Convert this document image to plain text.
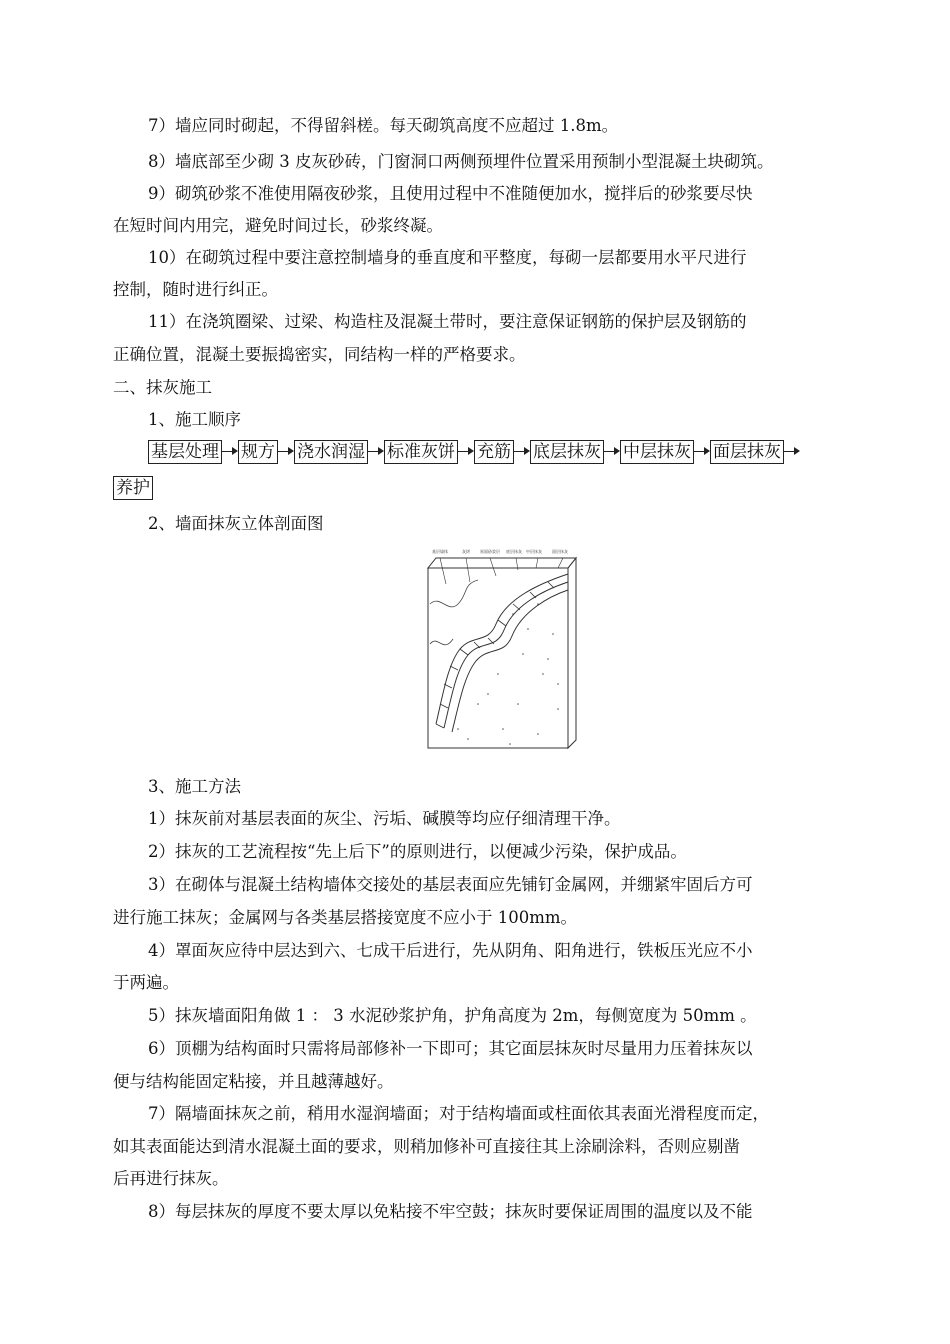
7）墙应同时砌起，不得留斜槎。每天砌筑高度不应超过 1.8m。
8）墙底部至少砌 3 皮灰砂砖，门窗洞口两侧预埋件位置采用预制小型混凝土块砌筑。
9）砌筑砂浆不准使用隔夜砂浆，且使用过程中不准随便加水，搅拌后的砂浆要尽快
在短时间内用完，避免时间过长，砂浆终凝。
10）在砌筑过程中要注意控制墙身的垂直度和平整度，每砌一层都要用水平尺进行
控制，随时进行纠正。
11）在浇筑圈梁、过梁、构造柱及混凝土带时，要注意保证钢筋的保护层及钢筋的
正确位置，混凝土要振捣密实，同结构一样的严格要求。
二、抹灰施工
1、施工顺序
基层处理 规方 浇水润湿 标准灰饼 充筋 底层抹灰 中层抹灰 面层抹灰
养护
2、墙面抹灰立体剖面图
基层墙体	灰饼	界面砂浆层 底层抹灰 中层抹灰	面层抹灰
3、施工方法
1）抹灰前对基层表面的灰尘、污垢、碱膜等均应仔细清理干净。
2）抹灰的工艺流程按“先上后下”的原则进行，以便减少污染，保护成品。
3）在砌体与混凝土结构墙体交接处的基层表面应先铺钉金属网，并绷紧牢固后方可
进行施工抹灰；金属网与各类基层搭接宽度不应小于 100mm。
4）罩面灰应待中层达到六、七成干后进行，先从阴角、阳角进行，铁板压光应不小
于两遍。
5）抹灰墙面阳角做 1 ： 3 水泥砂浆护角，护角高度为 2m，每侧宽度为 50mm 。
6）顶棚为结构面时只需将局部修补一下即可；其它面层抹灰时尽量用力压着抹灰以
便与结构能固定粘接，并且越薄越好。
7）隔墙面抹灰之前，稍用水湿润墙面；对于结构墙面或柱面依其表面光滑程度而定，
如其表面能达到清水混凝土面的要求，则稍加修补可直接往其上涂刷涂料，否则应剔凿
后再进行抹灰。
8）每层抹灰的厚度不要太厚以免粘接不牢空鼓；抹灰时要保证周围的温度以及不能
